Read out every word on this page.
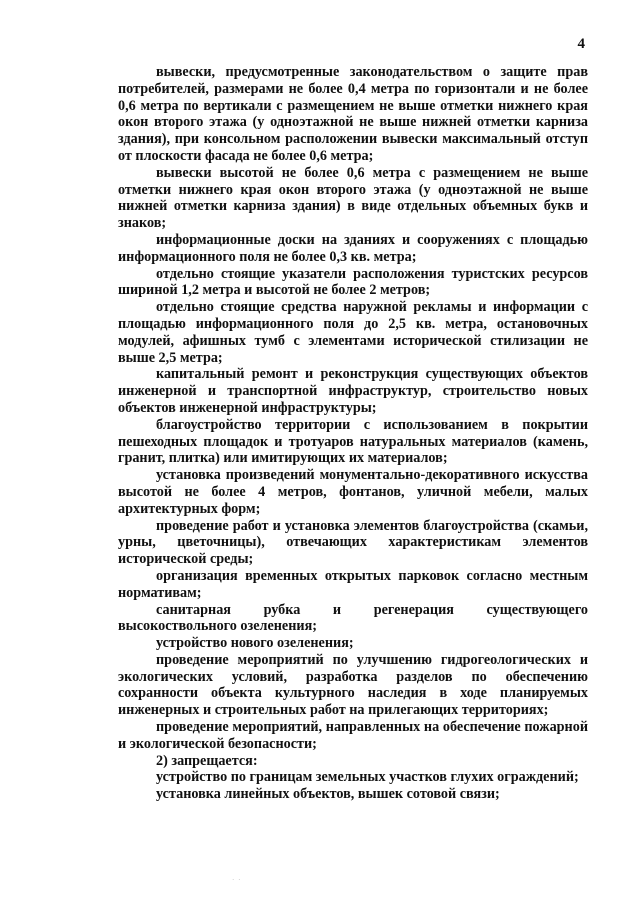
4

вывески, предусмотренные законодательством о защите прав потребителей, размерами не более 0,4 метра по горизонтали и не более 0,6 метра по вертикали с размещением не выше отметки нижнего края окон второго этажа (у одноэтажной не выше нижней отметки карниза здания), при консольном расположении вывески максимальный отступ от плоскости фасада не более 0,6 метра;

вывески высотой не более 0,6 метра с размещением не выше отметки нижнего края окон второго этажа (у одноэтажной не выше нижней отметки карниза здания) в виде отдельных объемных букв и знаков;

информационные доски на зданиях и сооружениях с площадью информационного поля не более 0,3 кв. метра;

отдельно стоящие указатели расположения туристских ресурсов шириной 1,2 метра и высотой не более 2 метров;

отдельно стоящие средства наружной рекламы и информации с площадью информационного поля до 2,5 кв. метра, остановочных модулей, афишных тумб с элементами исторической стилизации не выше 2,5 метра;

капитальный ремонт и реконструкция существующих объектов инженерной и транспортной инфраструктур, строительство новых объектов инженерной инфраструктуры;

благоустройство территории с использованием в покрытии пешеходных площадок и тротуаров натуральных материалов (камень, гранит, плитка) или имитирующих их материалов;

установка произведений монументально-декоративного искусства высотой не более 4 метров, фонтанов, уличной мебели, малых архитектурных форм;

проведение работ и установка элементов благоустройства (скамьи, урны, цветочницы), отвечающих характеристикам элементов исторической среды;

организация временных открытых парковок согласно местным нормативам;

санитарная рубка и регенерация существующего высокоствольного озеленения;

устройство нового озеленения;

проведение мероприятий по улучшению гидрогеологических и экологических условий, разработка разделов по обеспечению сохранности объекта культурного наследия в ходе планируемых инженерных и строительных работ на прилегающих территориях;

проведение мероприятий, направленных на обеспечение пожарной и экологической безопасности;

2) запрещается:

устройство по границам земельных участков глухих ограждений;

установка линейных объектов, вышек сотовой связи;

· ·
